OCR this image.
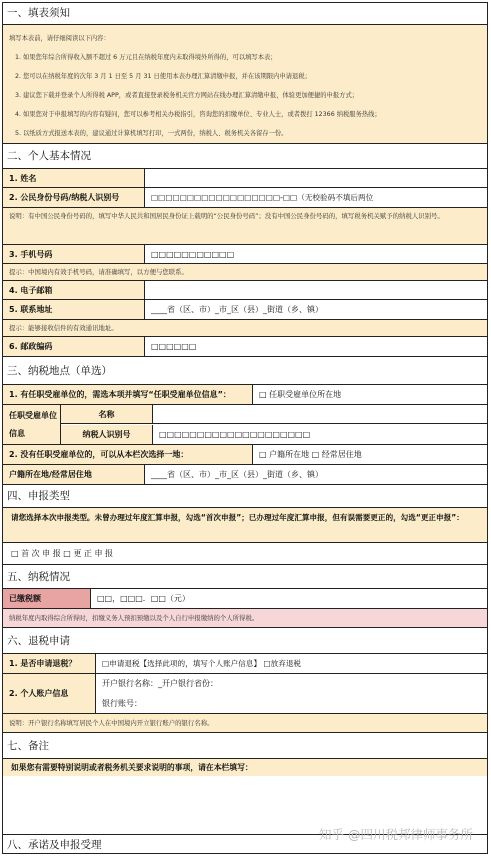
一、填表须知
填写本表前，请仔细阅读以下内容：
1. 如果您年综合所得收入额不超过 6 万元且在纳税年度内未取得境外所得的，可以填写本表；
2. 您可以在纳税年度的次年 3 月 1 日至 5 月 31 日使用本表办理汇算清缴申报，并在该期限内申请退税；
3. 建议您下载并登录个人所得税 APP，或者直接登录税务机关官方网站在线办理汇算清缴申报，体验更加便捷的申报方式；
4. 如果您对于申报填写的内容有疑问，您可以参考相关办税指引，咨询您的扣缴单位、专业人士，或者拨打 12366 纳税服务热线；
5. 以纸质方式报送本表的，建议通过计算机填写打印，一式两份，纳税人、税务机关各留存一份。
二、个人基本情况
1. 姓名
2. 公民身份号码/纳税人识别号	□□□□□□□□□□□□□□□□□□-□□（无校验码不填后两位
说明：有中国公民身份号码的，填写中华人民共和国居民身份证上载明的“公民身份号码”；没有中国公民身份号码的，填写税务机关赋予的纳税人识别号。
3. 手机号码	□□□□□□□□□□□
提示：中国境内有效手机号码，请准确填写，以方便与您联系。
4. 电子邮箱
5. 联系地址	____省（区、市）_市_区（县）_街道（乡、镇）
提示：能够接收信件的有效通讯地址。
6. 邮政编码	□□□□□□
三、纳税地点（单选）
1. 有任职受雇单位的，需选本项并填写“任职受雇单位信息”：	□ 任职受雇单位所在地
任职受雇单位信息
名称
纳税人识别号	□□□□□□□□□□□□□□□□□□□□
2. 没有任职受雇单位的，可以从本栏次选择一地：	□ 户籍所在地 □ 经常居住地
户籍所在地/经常居住地	____省（区、市）_市_区（县）_街道（乡、镇）
四、申报类型
请您选择本次申报类型。未曾办理过年度汇算申报，勾选“首次申报”；已办理过年度汇算申报，但有误需要更正的，勾选“更正申报”：
□ 首 次 申 报 □ 更 正 申 报
五、纳税情况
已缴税额	□□，□□□．□□（元）
纳税年度内取得综合所得时，扣缴义务人预扣预缴以及个人自行申报缴纳的个人所得税。
六、退税申请
1. 是否申请退税？	□申请退税【选择此项的，填写个人账户信息】 □放弃退税
2. 个人账户信息
开户银行名称：_开户银行省份：
银行账号：
说明：开户银行名称填写居民个人在中国境内开立银行账户的银行名称。
七、备注
如果您有需要特别说明或者税务机关要求说明的事项，请在本栏填写：
八、承诺及申报受理
知乎 @四川税邦律师事务所
